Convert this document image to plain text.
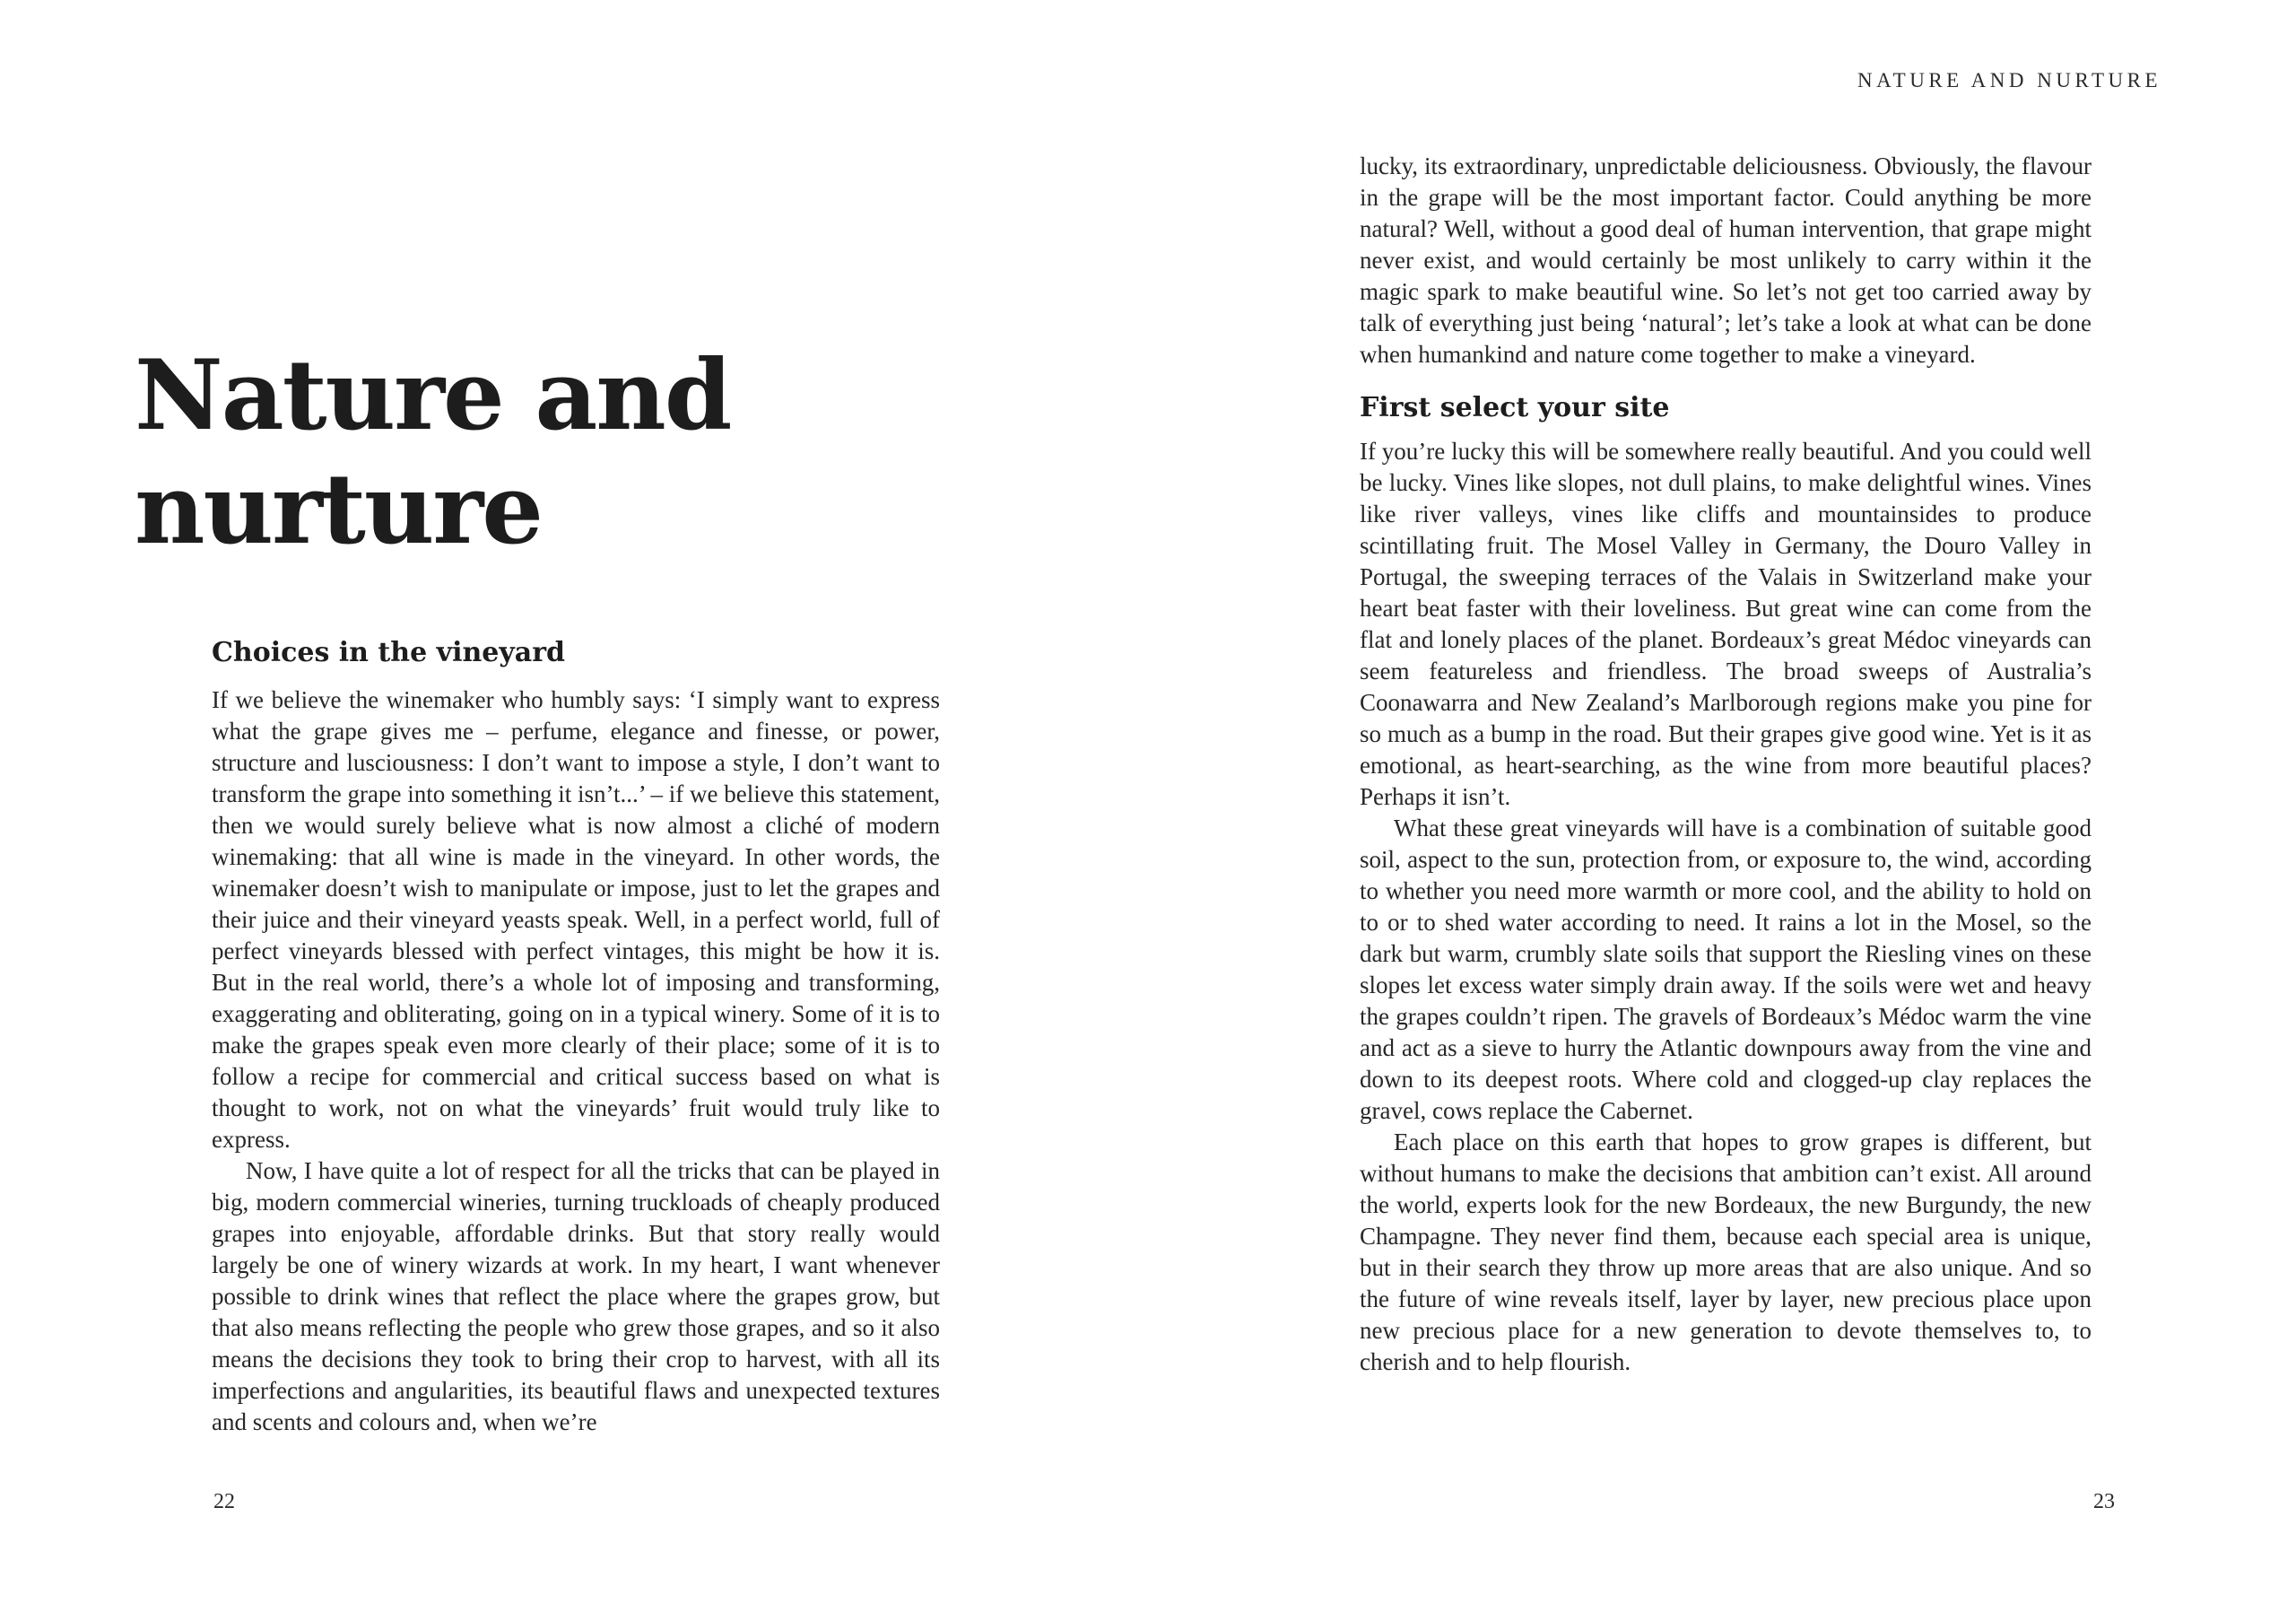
Nature and
nurture
Choices in the vineyard

If we believe the winemaker who humbly says: ‘I simply want to express what the grape gives me – perfume, elegance and finesse, or power, structure and lusciousness: I don’t want to impose a style, I don’t want to transform the grape into something it isn’t...’ – if we believe this statement, then we would surely believe what is now almost a cliché of modern winemaking: that all wine is made in the vineyard. In other words, the winemaker doesn’t wish to manipulate or impose, just to let the grapes and their juice and their vineyard yeasts speak. Well, in a perfect world, full of perfect vineyards blessed with perfect vintages, this might be how it is. But in the real world, there’s a whole lot of imposing and transforming, exaggerating and obliterating, going on in a typical winery. Some of it is to make the grapes speak even more clearly of their place; some of it is to follow a recipe for commercial and critical success based on what is thought to work, not on what the vineyards’ fruit would truly like to express.

Now, I have quite a lot of respect for all the tricks that can be played in big, modern commercial wineries, turning truckloads of cheaply produced grapes into enjoyable, affordable drinks. But that story really would largely be one of winery wizards at work. In my heart, I want whenever possible to drink wines that reflect the place where the grapes grow, but that also means reflecting the people who grew those grapes, and so it also means the decisions they took to bring their crop to harvest, with all its imperfections and angularities, its beautiful flaws and unexpected textures and scents and colours and, when we’re

22
NATURE AND NURTURE

lucky, its extraordinary, unpredictable deliciousness. Obviously, the flavour in the grape will be the most important factor. Could anything be more natural? Well, without a good deal of human intervention, that grape might never exist, and would certainly be most unlikely to carry within it the magic spark to make beautiful wine. So let’s not get too carried away by talk of everything just being ‘natural’; let’s take a look at what can be done when humankind and nature come together to make a vineyard.

First select your site

If you’re lucky this will be somewhere really beautiful. And you could well be lucky. Vines like slopes, not dull plains, to make delightful wines. Vines like river valleys, vines like cliffs and mountainsides to produce scintillating fruit. The Mosel Valley in Germany, the Douro Valley in Portugal, the sweeping terraces of the Valais in Switzerland make your heart beat faster with their loveliness. But great wine can come from the flat and lonely places of the planet. Bordeaux’s great Médoc vineyards can seem featureless and friendless. The broad sweeps of Australia’s Coonawarra and New Zealand’s Marlborough regions make you pine for so much as a bump in the road. But their grapes give good wine. Yet is it as emotional, as heart-searching, as the wine from more beautiful places? Perhaps it isn’t.

What these great vineyards will have is a combination of suitable good soil, aspect to the sun, protection from, or exposure to, the wind, according to whether you need more warmth or more cool, and the ability to hold on to or to shed water according to need. It rains a lot in the Mosel, so the dark but warm, crumbly slate soils that support the Riesling vines on these slopes let excess water simply drain away. If the soils were wet and heavy the grapes couldn’t ripen. The gravels of Bordeaux’s Médoc warm the vine and act as a sieve to hurry the Atlantic downpours away from the vine and down to its deepest roots. Where cold and clogged-up clay replaces the gravel, cows replace the Cabernet.

Each place on this earth that hopes to grow grapes is different, but without humans to make the decisions that ambition can’t exist. All around the world, experts look for the new Bordeaux, the new Burgundy, the new Champagne. They never find them, because each special area is unique, but in their search they throw up more areas that are also unique. And so the future of wine reveals itself, layer by layer, new precious place upon new precious place for a new generation to devote themselves to, to cherish and to help flourish.

23
